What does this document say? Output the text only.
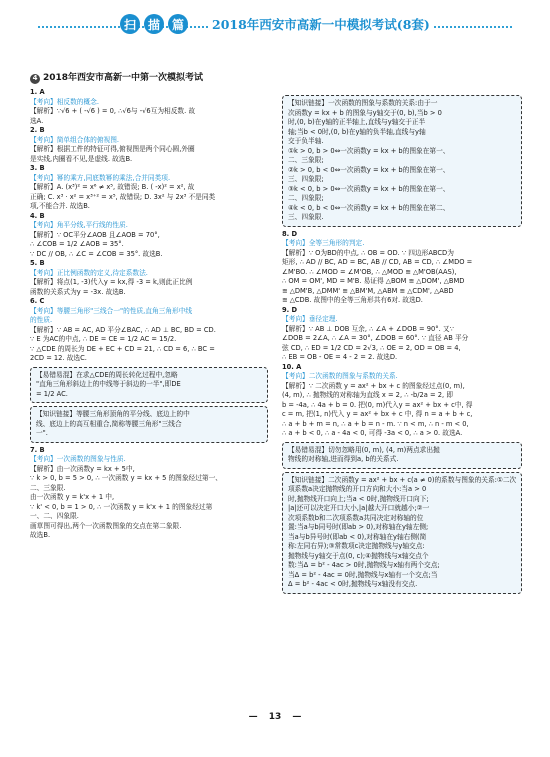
扫 描 篇	2018年西安市高新一中模拟考试(8套)
4 2018年西安市高新一中第一次模拟考试
1. A
【考向】相反数的概念.
【解析】∵√6 + ( -√6 ) = 0, ∴√6与 -√6互为相反数. 故
选A.
2. B
【考向】简单组合体的俯视图.
【解析】根据工件的特征可得,俯视图是两个同心圆,外圈
是实线,内圈看不见,是虚线. 故选B.
3. B
【考向】幂的乘方,同底数幂的乘法,合并同类项.
【解析】A. (x³)² = x⁶ ≠ x⁵, 故错误; B. ( -x)² = x², 故
正确; C. x³ · x² = x³⁺² = x⁵, 故错误; D. 3x² 与 2x³ 不是同类
项,不能合并. 故选B.
4. B
【考向】角平分线,平行线的性质.
【解析】∵ OC平分∠AOB 且∠AOB = 70°,
∴ ∠COB = 1/2 ∠AOB = 35°.
∵ DC // OB, ∴ ∠C = ∠COB = 35°. 故选B.
5. B
【考向】正比例函数的定义,待定系数法.
【解析】将点(1, -3)代入y = kx,得 -3 = k,则此正比例
函数的关系式为y = -3x. 故选B.
6. C
【考向】等腰三角形"三线合一"的性质,直角三角形中线
的性质.
【解析】∵ AB = AC, AD 平分∠BAC, ∴ AD ⊥ BC, BD = CD.
∵ E 为AC的中点, ∴ DE = CE = 1/2 AC = 15/2.
∵ △CDE 的周长为 DE + EC + CD = 21, ∴ CD = 6, ∴ BC =
2CD = 12. 故选C.
【易错易混】在求△CDE的周长转化过程中,忽略
"直角三角形斜边上的中线等于斜边的一半",即DE
= 1/2 AC.
【知识链接】等腰三角形顶角的平分线、底边上的中
线、底边上的高互相重合,简称等腰三角形"三线合
一".
7. B
【考向】一次函数的图象与性质.
【解析】由一次函数y = kx + 5中,
∵ k > 0, b = 5 > 0, ∴ 一次函数 y = kx + 5 的图象经过第一、
二、三象限.
由一次函数 y = k'x + 1 中,
∵ k' < 0, b = 1 > 0, ∴ 一次函数 y = k'x + 1 的图象经过第
一、二、四象限.
画草图可得出,两个一次函数图象的交点在第二象限.
故选B.
【知识链接】一次函数的图象与系数的关系:由于一
次函数y = kx + b 的图象与y轴交于(0, b),当b > 0
时,(0, b)在y轴的正半轴上,直线与y轴交于正半
轴;当b < 0时,(0, b)在y轴的负半轴,直线与y轴
交于负半轴.
①k > 0, b > 0⇔一次函数y = kx + b的图象在第一、
二、三象限;
②k > 0, b < 0⇔一次函数y = kx + b的图象在第一、
三、四象限;
③k < 0, b > 0⇔一次函数y = kx + b的图象在第一、
二、四象限;
④k < 0, b < 0⇔一次函数y = kx + b的图象在第二、
三、四象限.
8. D
【考向】全等三角形的判定.
【解析】∵ O为BD的中点, ∴ OB = OD. ∵ 四边形ABCD为
矩形, ∴ AD // BC, AD = BC, AB // CD, AB = CD, ∴ ∠MDO =
∠M'BO. ∴ ∠MOD = ∠M'OB, ∴ △MOD ≌ △M'OB(AAS),
∴ OM = OM', MD = M'B. 易证得 △BOM ≌ △DOM', △BMD
≌ △DM'B, △DMM' ≌ △BM'M, △ABM ≌ △CDM', △ABD
≌ △CDB. 故图中的全等三角形共有6对. 故选D.
9. D
【考向】垂径定理.
【解析】∵ AB ⊥ DOB 互余, ∴ ∠A + ∠DOB = 90°. 又∵
∠DOB = 2∠A, ∴ ∠A = 30°, ∠DOB = 60°. ∵ 直径 AB 平分
弦 CD, ∴ ED = 1/2 CD = 2√3, ∴ OE = 2, OD = OB = 4,
∴ EB = OB - OE = 4 - 2 = 2. 故选D.
10. A
【考向】二次函数的图象与系数的关系.
【解析】∵ 二次函数 y = ax² + bx + c 的图象经过点(0, m),
(4, m), ∴ 抛物线的对称轴为直线 x = 2, ∴ -b/2a = 2, 即
b = -4a, ∴ 4a + b = 0. 把(0, m)代入y = ax² + bx + c中, 得
c = m, 把(1, n)代入 y = ax² + bx + c 中, 得 n = a + b + c,
∴ a + b + m = n, ∴ a + b = n - m. ∵ n < m, ∴ n - m < 0,
∴ a + b < 0, ∴ a - 4a < 0, 可得 -3a < 0, ∴ a > 0. 故选A.
【易错易混】切勿忽略用(0, m), (4, m)两点求出抛
物线的对称轴,进而得到a, b的关系式.
【知识链接】二次函数y = ax² + bx + c(a ≠ 0)的系数与图象的关系:①二次
项系数a决定抛物线的开口方向和大小:当a > 0
时,抛物线开口向上;当a < 0时,抛物线开口向下;
|a|还可以决定开口大小,|a|越大开口就越小;②一
次项系数b和二次项系数a共同决定对称轴的位
置:当a与b同号时(即ab > 0),对称轴在y轴左侧;
当a与b异号时(即ab < 0),对称轴在y轴右侧(简
称:左同右异);③常数项c决定抛物线与y轴交点:
抛物线与y轴交于点(0, c);④抛物线与x轴交点个
数:当Δ = b² - 4ac > 0时,抛物线与x轴有两个交点;
当Δ = b² - 4ac = 0时,抛物线与x轴有一个交点;当
Δ = b² - 4ac < 0时,抛物线与x轴没有交点.
— 13 —
